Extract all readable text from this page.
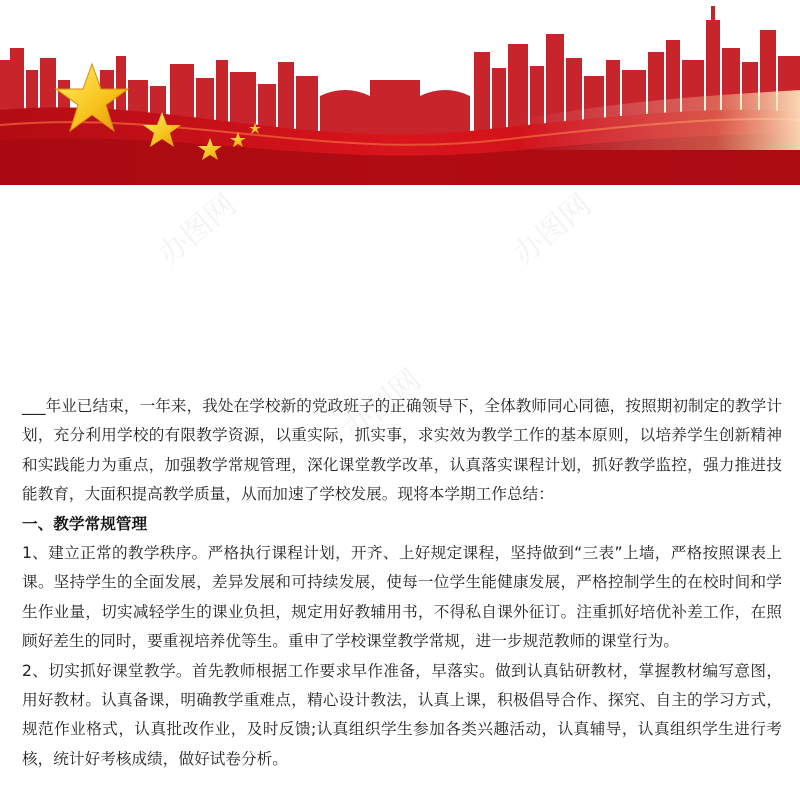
办图网	办图网
办图网

___年业已结束，一年来，我处在学校新的党政班子的正确领导下，全体教师同心同德，按照期初制定的教学计划，充分利用学校的有限教学资源，以重实际，抓实事，求实效为教学工作的基本原则，以培养学生创新精神和实践能力为重点，加强教学常规管理，深化课堂教学改革，认真落实课程计划，抓好教学监控，强力推进技能教育，大面积提高教学质量，从而加速了学校发展。现将本学期工作总结：

一、教学常规管理

1、建立正常的教学秩序。严格执行课程计划，开齐、上好规定课程，坚持做到“三表”上墙，严格按照课表上课。坚持学生的全面发展，差异发展和可持续发展，使每一位学生能健康发展，严格控制学生的在校时间和学生作业量，切实减轻学生的课业负担，规定用好教辅用书，不得私自课外征订。注重抓好培优补差工作，在照顾好差生的同时，要重视培养优等生。重申了学校课堂教学常规，进一步规范教师的课堂行为。

2、切实抓好课堂教学。首先教师根据工作要求早作准备，早落实。做到认真钻研教材，掌握教材编写意图，用好教材。认真备课，明确教学重难点，精心设计教法，认真上课，积极倡导合作、探究、自主的学习方式，规范作业格式，认真批改作业，及时反馈;认真组织学生参加各类兴趣活动，认真辅导，认真组织学生进行考核，统计好考核成绩，做好试卷分析。
